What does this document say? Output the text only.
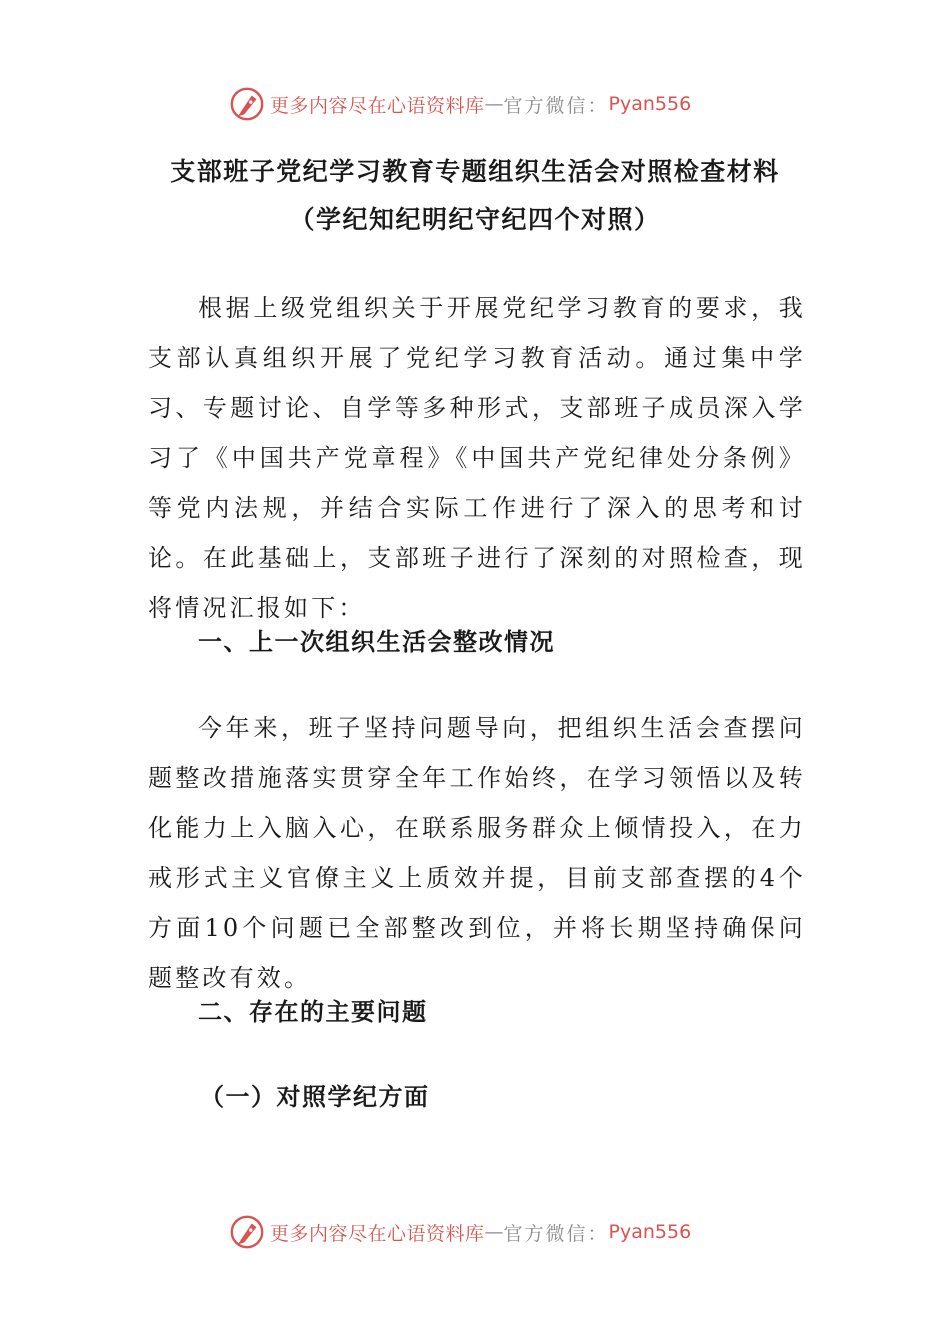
更多内容尽在心语资料库 — 官方微信： Pyan556
支部班子党纪学习教育专题组织生活会对照检查材料（学纪知纪明纪守纪四个对照）

根据上级党组织关于开展党纪学习教育的要求，我支部认真组织开展了党纪学习教育活动。通过集中学习、专题讨论、自学等多种形式，支部班子成员深入学习了《中国共产党章程》《中国共产党纪律处分条例》等党内法规，并结合实际工作进行了深入的思考和讨论。在此基础上，支部班子进行了深刻的对照检查，现将情况汇报如下：

一、上一次组织生活会整改情况

今年来，班子坚持问题导向，把组织生活会查摆问题整改措施落实贯穿全年工作始终，在学习领悟以及转化能力上入脑入心，在联系服务群众上倾情投入，在力戒形式主义官僚主义上质效并提，目前支部查摆的4个方面10个问题已全部整改到位，并将长期坚持确保问题整改有效。

二、存在的主要问题
（一）对照学纪方面
更多内容尽在心语资料库 — 官方微信： Pyan556
